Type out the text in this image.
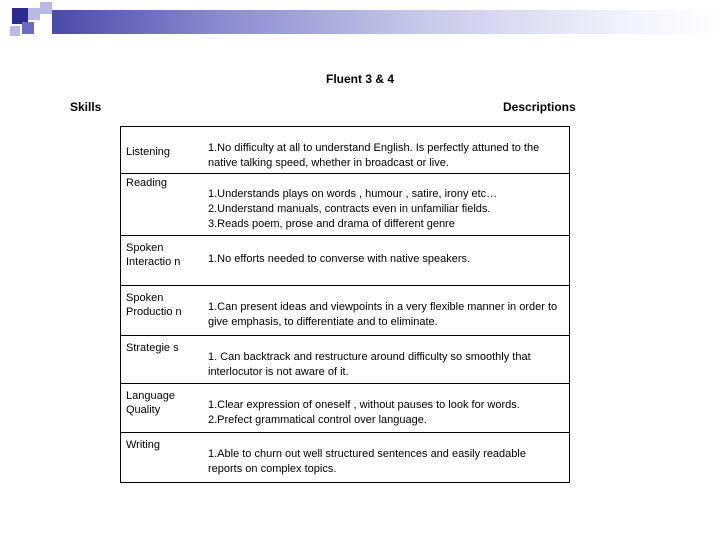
Fluent 3 & 4
Skills	Descriptions
Listening	1.No difficulty at all to understand English. Is perfectly attuned to the native talking speed, whether in broadcast or live.

Reading	1.Understands plays on words , humour , satire, irony etc…
2.Understand manuals, contracts even in unfamiliar fields.
3.Reads poem, prose and drama of different genre

Spoken Interactio n	1.No efforts needed to converse with native speakers.

Spoken Productio n	1.Can present ideas and viewpoints in a very flexible manner in order to give emphasis, to differentiate and to eliminate.

Strategie s	1. Can backtrack and restructure around difficulty so smoothly that interlocutor is not aware of it.

Language Quality	1.Clear expression of oneself , without pauses to look for words.
2.Prefect grammatical control over language.

Writing	1.Able to churn out well structured sentences and easily readable reports on complex topics.
